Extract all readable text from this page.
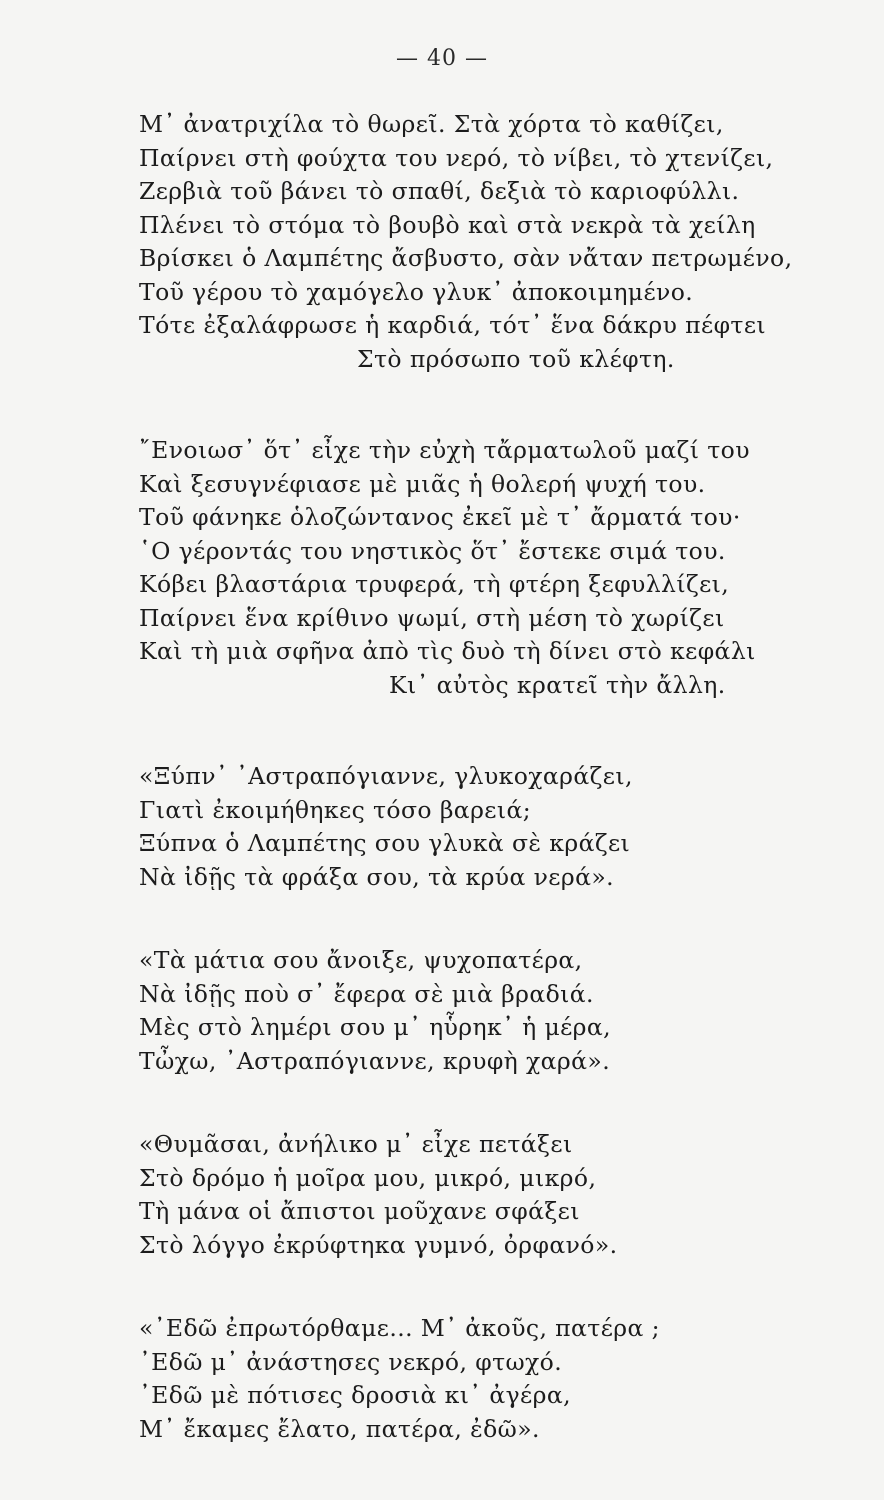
— 40 —
Μ᾿ ἀνατριχίλα τὸ θωρεῖ. Στὰ χόρτα τὸ καθίζει,
Παίρνει στὴ φούχτα του νερό, τὸ νίβει, τὸ χτενίζει,
Ζερβιὰ τοῦ βάνει τὸ σπαθί, δεξιὰ τὸ καριοφύλλι.
Πλένει τὸ στόμα τὸ βουβὸ καὶ στὰ νεκρὰ τὰ χείλη
Βρίσκει ὁ Λαμπέτης ἄσβυστο, σὰν νἄταν πετρωμένο,
Τοῦ γέρου τὸ χαμόγελο γλυκ᾿ ἀποκοιμημένο.
Τότε ἐξαλάφρωσε ἡ καρδιά, τότ᾿ ἕνα δάκρυ πέφτει
Στὸ πρόσωπο τοῦ κλέφτη.
῎Ενοιωσ᾿ ὅτ᾿ εἶχε τὴν εὐχὴ τἄρματωλοῦ μαζί του
Καὶ ξεσυγνέφιασε μὲ μιᾶς ἡ θολερή ψυχή του.
Τοῦ φάνηκε ὁλοζώντανος ἐκεῖ μὲ τ᾿ ἄρματά του·
῾Ο γέροντάς του νηστικὸς ὅτ᾿ ἔστεκε σιμά του.
Κόβει βλαστάρια τρυφερά, τὴ φτέρη ξεφυλλίζει,
Παίρνει ἕνα κρίθινο ψωμί, στὴ μέση τὸ χωρίζει
Καὶ τὴ μιὰ σφῆνα ἀπὸ τὶς δυὸ τὴ δίνει στὸ κεφάλι
Κι᾿ αὐτὸς κρατεῖ τὴν ἄλλη.
«Ξύπν᾿ ᾿Αστραπόγιαννε, γλυκοχαράζει,
Γιατὶ ἐκοιμήθηκες τόσο βαρειά;
Ξύπνα ὁ Λαμπέτης σου γλυκὰ σὲ κράζει
Νὰ ἰδῇς τὰ φράξα σου, τὰ κρύα νερά».
«Τὰ μάτια σου ἄνοιξε, ψυχοπατέρα,
Νὰ ἰδῇς ποὺ σ᾿ ἔφερα σὲ μιὰ βραδιά.
Μὲς στὸ λημέρι σου μ᾿ ηὗρηκ᾿ ἡ μέρα,
Τὦχω, ᾿Αστραπόγιαννε, κρυφὴ χαρά».
«Θυμᾶσαι, ἀνήλικο μ᾿ εἶχε πετάξει
Στὸ δρόμο ἡ μοῖρα μου, μικρό, μικρό,
Τὴ μάνα οἱ ἄπιστοι μοῦχανε σφάξει
Στὸ λόγγο ἐκρύφτηκα γυμνό, ὀρφανό».
«᾿Εδῶ ἐπρωτόρθαμε... Μ᾿ ἀκοῦς, πατέρα ;
᾿Εδῶ μ᾿ ἀνάστησες νεκρό, φτωχό.
᾿Εδῶ μὲ πότισες δροσιὰ κι᾿ ἀγέρα,
Μ᾿ ἔκαμες ἔλατο, πατέρα, ἐδῶ».
